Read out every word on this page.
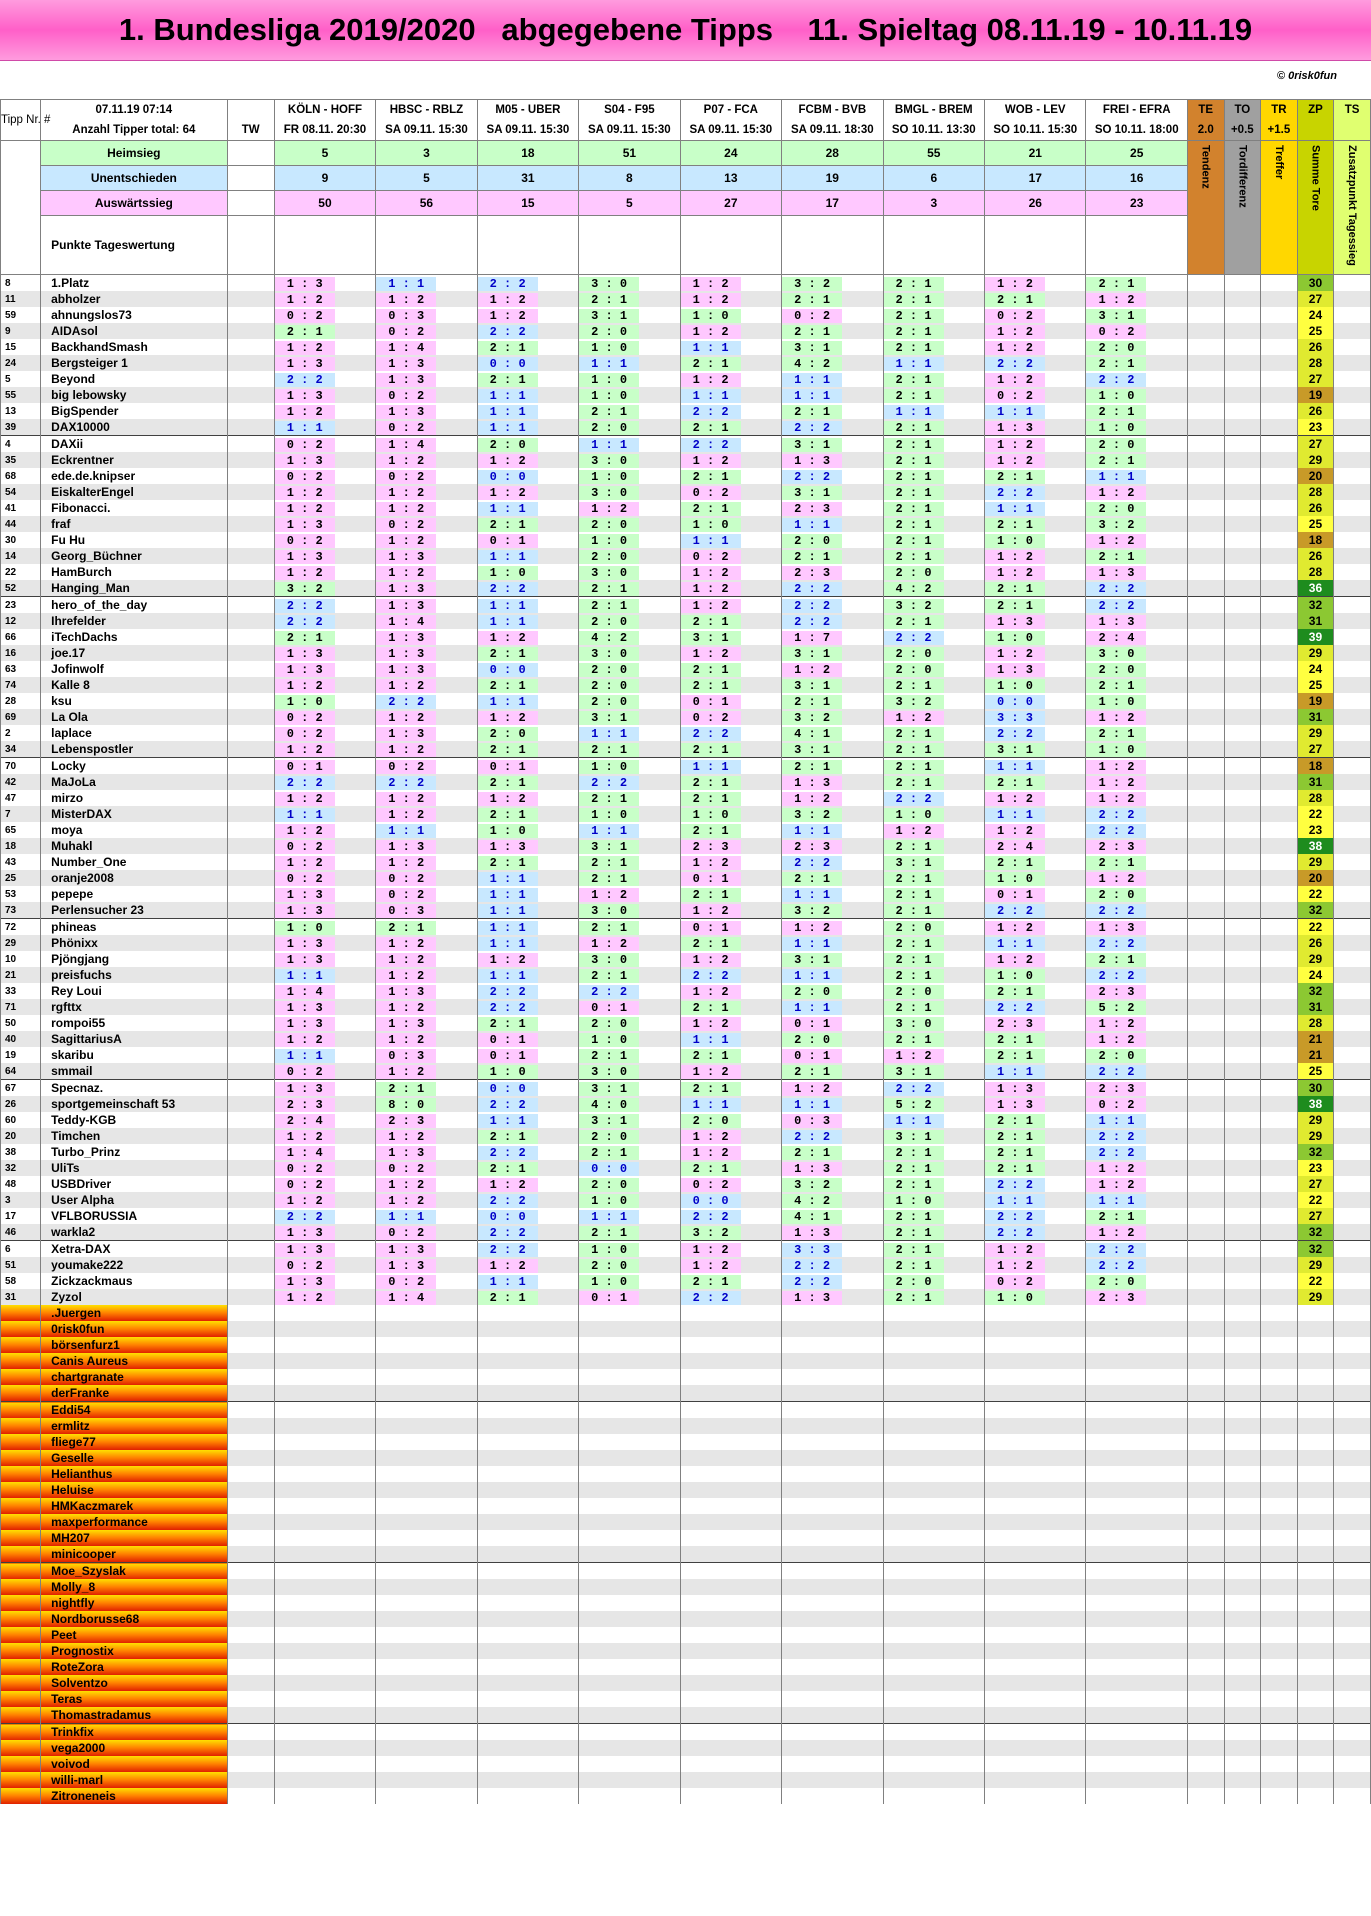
1. Bundesliga 2019/2020   abgegebene Tipps    11. Spieltag 08.11.19 - 10.11.19
© 0risk0fun
Tipp Nr. #	07.11.19 07:14		KÖLN - HOFF	HBSC - RBLZ	M05 - UBER	S04 - F95	P07 - FCA	FCBM - BVB	BMGL - BREM	WOB - LEV	FREI - EFRA	TE	TO	TR	ZP	TS
	Anzahl Tipper total: 64	TW	FR 08.11. 20:30	SA 09.11. 15:30	SA 09.11. 15:30	SA 09.11. 15:30	SA 09.11. 15:30	SA 09.11. 18:30	SO 10.11. 13:30	SO 10.11. 15:30	SO 10.11. 18:00	2.0	+0.5	+1.5		
	Heimsieg		5	3	18	51	24	28	55	21	25	Tendenz	Tordifferenz	Treffer	Summe Tore	Zusatzpunkt Tagessieg
	Unentschieden		9	5	31	8	13	19	6	17	16					
	Auswärtssieg		50	56	15	5	27	17	3	26	23					
	Punkte Tageswertung															
8	1.Platz		1 : 3	1 : 1	2 : 2	3 : 0	1 : 2	3 : 2	2 : 1	1 : 2	2 : 1				30	
11	abholzer		1 : 2	1 : 2	1 : 2	2 : 1	1 : 2	2 : 1	2 : 1	2 : 1	1 : 2				27	
59	ahnungslos73		0 : 2	0 : 3	1 : 2	3 : 1	1 : 0	0 : 2	2 : 1	0 : 2	3 : 1				24	
9	AIDAsol		2 : 1	0 : 2	2 : 2	2 : 0	1 : 2	2 : 1	2 : 1	1 : 2	0 : 2				25	
15	BackhandSmash		1 : 2	1 : 4	2 : 1	1 : 0	1 : 1	3 : 1	2 : 1	1 : 2	2 : 0				26	
24	Bergsteiger 1		1 : 3	1 : 3	0 : 0	1 : 1	2 : 1	4 : 2	1 : 1	2 : 2	2 : 1				28	
5	Beyond		2 : 2	1 : 3	2 : 1	1 : 0	1 : 2	1 : 1	2 : 1	1 : 2	2 : 2				27	
55	big lebowsky		1 : 3	0 : 2	1 : 1	1 : 0	1 : 1	1 : 1	2 : 1	0 : 2	1 : 0				19	
13	BigSpender		1 : 2	1 : 3	1 : 1	2 : 1	2 : 2	2 : 1	1 : 1	1 : 1	2 : 1				26	
39	DAX10000		1 : 1	0 : 2	1 : 1	2 : 0	2 : 1	2 : 2	2 : 1	1 : 3	1 : 0				23	
4	DAXii		0 : 2	1 : 4	2 : 0	1 : 1	2 : 2	3 : 1	2 : 1	1 : 2	2 : 0				27	
35	Eckrentner		1 : 3	1 : 2	1 : 2	3 : 0	1 : 2	1 : 3	2 : 1	1 : 2	2 : 1				29	
68	ede.de.knipser		0 : 2	0 : 2	0 : 0	1 : 0	2 : 1	2 : 2	2 : 1	2 : 1	1 : 1				20	
54	EiskalterEngel		1 : 2	1 : 2	1 : 2	3 : 0	0 : 2	3 : 1	2 : 1	2 : 2	1 : 2				28	
41	Fibonacci.		1 : 2	1 : 2	1 : 1	1 : 2	2 : 1	2 : 3	2 : 1	1 : 1	2 : 0				26	
44	fraf		1 : 3	0 : 2	2 : 1	2 : 0	1 : 0	1 : 1	2 : 1	2 : 1	3 : 2				25	
30	Fu Hu		0 : 2	1 : 2	0 : 1	1 : 0	1 : 1	2 : 0	2 : 1	1 : 0	1 : 2				18	
14	Georg_Büchner		1 : 3	1 : 3	1 : 1	2 : 0	0 : 2	2 : 1	2 : 1	1 : 2	2 : 1				26	
22	HamBurch		1 : 2	1 : 2	1 : 0	3 : 0	1 : 2	2 : 3	2 : 0	1 : 2	1 : 3				28	
52	Hanging_Man		3 : 2	1 : 3	2 : 2	2 : 1	1 : 2	2 : 2	4 : 2	2 : 1	2 : 2				36	
23	hero_of_the_day		2 : 2	1 : 3	1 : 1	2 : 1	1 : 2	2 : 2	3 : 2	2 : 1	2 : 2				32	
12	Ihrefelder		2 : 2	1 : 4	1 : 1	2 : 0	2 : 1	2 : 2	2 : 1	1 : 3	1 : 3				31	
66	iTechDachs		2 : 1	1 : 3	1 : 2	4 : 2	3 : 1	1 : 7	2 : 2	1 : 0	2 : 4				39	
16	joe.17		1 : 3	1 : 3	2 : 1	3 : 0	1 : 2	3 : 1	2 : 0	1 : 2	3 : 0				29	
63	Jofinwolf		1 : 3	1 : 3	0 : 0	2 : 0	2 : 1	1 : 2	2 : 0	1 : 3	2 : 0				24	
74	Kalle 8		1 : 2	1 : 2	2 : 1	2 : 0	2 : 1	3 : 1	2 : 1	1 : 0	2 : 1				25	
28	ksu		1 : 0	2 : 2	1 : 1	2 : 0	0 : 1	2 : 1	3 : 2	0 : 0	1 : 0				19	
69	La Ola		0 : 2	1 : 2	1 : 2	3 : 1	0 : 2	3 : 2	1 : 2	3 : 3	1 : 2				31	
2	laplace		0 : 2	1 : 3	2 : 0	1 : 1	2 : 2	4 : 1	2 : 1	2 : 2	2 : 1				29	
34	Lebenspostler		1 : 2	1 : 2	2 : 1	2 : 1	2 : 1	3 : 1	2 : 1	3 : 1	1 : 0				27	
70	Locky		0 : 1	0 : 2	0 : 1	1 : 0	1 : 1	2 : 1	2 : 1	1 : 1	1 : 2				18	
42	MaJoLa		2 : 2	2 : 2	2 : 1	2 : 2	2 : 1	1 : 3	2 : 1	2 : 1	1 : 2				31	
47	mirzo		1 : 2	1 : 2	1 : 2	2 : 1	2 : 1	1 : 2	2 : 2	1 : 2	1 : 2				28	
7	MisterDAX		1 : 1	1 : 2	2 : 1	1 : 0	1 : 0	3 : 2	1 : 0	1 : 1	2 : 2				22	
65	moya		1 : 2	1 : 1	1 : 0	1 : 1	2 : 1	1 : 1	1 : 2	1 : 2	2 : 2				23	
18	Muhakl		0 : 2	1 : 3	1 : 3	3 : 1	2 : 3	2 : 3	2 : 1	2 : 4	2 : 3				38	
43	Number_One		1 : 2	1 : 2	2 : 1	2 : 1	1 : 2	2 : 2	3 : 1	2 : 1	2 : 1				29	
25	oranje2008		0 : 2	0 : 2	1 : 1	2 : 1	0 : 1	2 : 1	2 : 1	1 : 0	1 : 2				20	
53	pepepe		1 : 3	0 : 2	1 : 1	1 : 2	2 : 1	1 : 1	2 : 1	0 : 1	2 : 0				22	
73	Perlensucher 23		1 : 3	0 : 3	1 : 1	3 : 0	1 : 2	3 : 2	2 : 1	2 : 2	2 : 2				32	
72	phineas		1 : 0	2 : 1	1 : 1	2 : 1	0 : 1	1 : 2	2 : 0	1 : 2	1 : 3				22	
29	Phönixx		1 : 3	1 : 2	1 : 1	1 : 2	2 : 1	1 : 1	2 : 1	1 : 1	2 : 2				26	
10	Pjöngjang		1 : 3	1 : 2	1 : 2	3 : 0	1 : 2	3 : 1	2 : 1	1 : 2	2 : 1				29	
21	preisfuchs		1 : 1	1 : 2	1 : 1	2 : 1	2 : 2	1 : 1	2 : 1	1 : 0	2 : 2				24	
33	Rey Loui		1 : 4	1 : 3	2 : 2	2 : 2	1 : 2	2 : 0	2 : 0	2 : 1	2 : 3				32	
71	rgfttx		1 : 3	1 : 2	2 : 2	0 : 1	2 : 1	1 : 1	2 : 1	2 : 2	5 : 2				31	
50	rompoi55		1 : 3	1 : 3	2 : 1	2 : 0	1 : 2	0 : 1	3 : 0	2 : 3	1 : 2				28	
40	SagittariusA		1 : 2	1 : 2	0 : 1	1 : 0	1 : 1	2 : 0	2 : 1	2 : 1	1 : 2				21	
19	skaribu		1 : 1	0 : 3	0 : 1	2 : 1	2 : 1	0 : 1	1 : 2	2 : 1	2 : 0				21	
64	smmail		0 : 2	1 : 2	1 : 0	3 : 0	1 : 2	2 : 1	3 : 1	1 : 1	2 : 2				25	
67	Specnaz.		1 : 3	2 : 1	0 : 0	3 : 1	2 : 1	1 : 2	2 : 2	1 : 3	2 : 3				30	
26	sportgemeinschaft 53		2 : 3	8 : 0	2 : 2	4 : 0	1 : 1	1 : 1	5 : 2	1 : 3	0 : 2				38	
60	Teddy-KGB		2 : 4	2 : 3	1 : 1	3 : 1	2 : 0	0 : 3	1 : 1	2 : 1	1 : 1				29	
20	Timchen		1 : 2	1 : 2	2 : 1	2 : 0	1 : 2	2 : 2	3 : 1	2 : 1	2 : 2				29	
38	Turbo_Prinz		1 : 4	1 : 3	2 : 2	2 : 1	1 : 2	2 : 1	2 : 1	2 : 1	2 : 2				32	
32	UliTs		0 : 2	0 : 2	2 : 1	0 : 0	2 : 1	1 : 3	2 : 1	2 : 1	1 : 2				23	
48	USBDriver		0 : 2	1 : 2	1 : 2	2 : 0	0 : 2	3 : 2	2 : 1	2 : 2	1 : 2				27	
3	User Alpha		1 : 2	1 : 2	2 : 2	1 : 0	0 : 0	4 : 2	1 : 0	1 : 1	1 : 1				22	
17	VFLBORUSSIA		2 : 2	1 : 1	0 : 0	1 : 1	2 : 2	4 : 1	2 : 1	2 : 2	2 : 1				27	
46	warkla2		1 : 3	0 : 2	2 : 2	2 : 1	3 : 2	1 : 3	2 : 1	2 : 2	1 : 2				32	
6	Xetra-DAX		1 : 3	1 : 3	2 : 2	1 : 0	1 : 2	3 : 3	2 : 1	1 : 2	2 : 2				32	
51	youmake222		0 : 2	1 : 3	1 : 2	2 : 0	1 : 2	2 : 2	2 : 1	1 : 2	2 : 2				29	
58	Zickzackmaus		1 : 3	0 : 2	1 : 1	1 : 0	2 : 1	2 : 2	2 : 0	0 : 2	2 : 0				22	
31	Zyzol		1 : 2	1 : 4	2 : 1	0 : 1	2 : 2	1 : 3	2 : 1	1 : 0	2 : 3				29	
	.Juergen															
	0risk0fun															
	börsenfurz1															
	Canis Aureus															
	chartgranate															
	derFranke															
	Eddi54															
	ermlitz															
	fliege77															
	Geselle															
	Helianthus															
	Heluise															
	HMKaczmarek															
	maxperformance															
	MH207															
	minicooper															
	Moe_Szyslak															
	Molly_8															
	nightfly															
	Nordborusse68															
	Peet															
	Prognostix															
	RoteZora															
	Solventzo															
	Teras															
	Thomastradamus															
	Trinkfix															
	vega2000															
	voivod															
	willi-marl															
	Zitroneneis															
